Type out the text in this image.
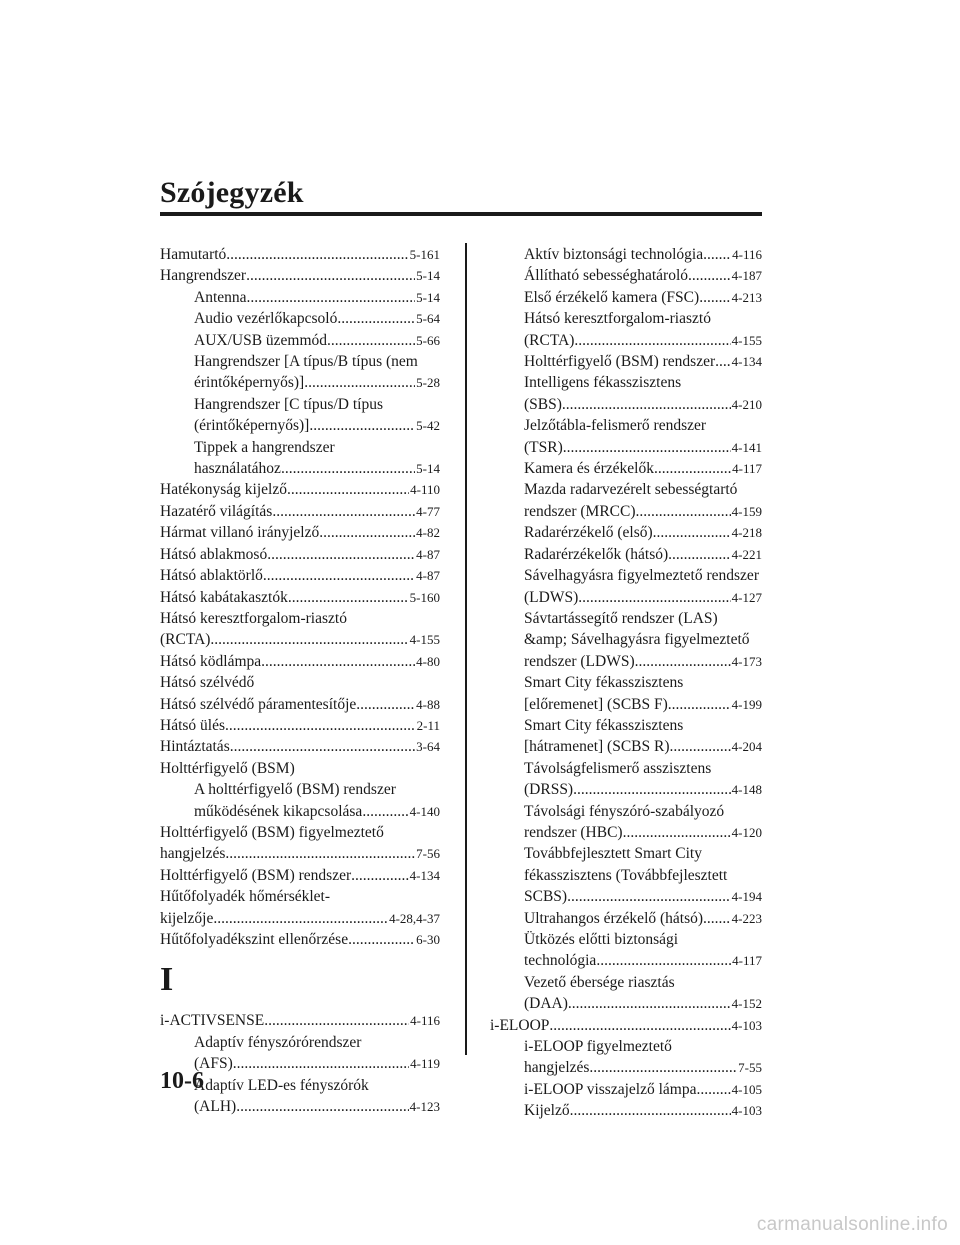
Szójegyzék
Hamutartó .....	5-161
Hangrendszer .....	5-14
Antenna .....	5-14
Audio vezérlőkapcsoló .....	5-64
AUX/USB üzemmód .....	5-66
Hangrendszer [A típus/B típus (nem
érintőképernyős)] .....	5-28
Hangrendszer [C típus/D típus
(érintőképernyős)] .....	5-42
Tippek a hangrendszer
használatához .....	5-14
Hatékonyság kijelző .....	4-110
Hazatérő világítás .....	4-77
Hármat villanó irányjelző .....	4-82
Hátsó ablakmosó .....	4-87
Hátsó ablaktörlő .....	4-87
Hátsó kabátakasztók .....	5-160
Hátsó keresztforgalom-riasztó
(RCTA) .....	4-155
Hátsó ködlámpa .....	4-80
Hátsó szélvédő
Hátsó szélvédő páramentesítője .....	4-88
Hátsó ülés .....	2-11
Hintáztatás .....	3-64
Holttérfigyelő (BSM)
A holttérfigyelő (BSM) rendszer
működésének kikapcsolása .....	4-140
Holttérfigyelő (BSM) figyelmeztető
hangjelzés .....	7-56
Holttérfigyelő (BSM) rendszer .....	4-134
Hűtőfolyadék hőmérséklet-
kijelzője .....	4-28,4-37
Hűtőfolyadékszint ellenőrzése .....	6-30
I
i-ACTIVSENSE .....	4-116
Adaptív fényszórórendszer
(AFS) .....	4-119
Adaptív LED-es fényszórók
(ALH) .....	4-123
Aktív biztonsági technológia ..... 4-116
Állítható sebességhatároló .....	4-187
Első érzékelő kamera (FSC) ..... 4-213
Hátsó keresztforgalom-riasztó
(RCTA) .....	4-155
Holttérfigyelő (BSM) rendszer ..... 4-134
Intelligens fékasszisztens
(SBS) .....	4-210
Jelzőtábla-felismerő rendszer
(TSR) .....	4-141
Kamera és érzékelők .....	4-117
Mazda radarvezérelt sebességtartó
rendszer (MRCC) .....	4-159
Radarérzékelő (első) .....	4-218
Radarérzékelők (hátsó) .....	4-221
Sávelhagyásra figyelmeztető rendszer
(LDWS) .....	4-127
Sávtartássegítő rendszer (LAS)
&amp; Sávelhagyásra figyelmeztető
rendszer (LDWS) .....	4-173
Smart City fékasszisztens
[előremenet] (SCBS F) .....	4-199
Smart City fékasszisztens
[hátramenet] (SCBS R) .....	4-204
Távolságfelismerő asszisztens
(DRSS) .....	4-148
Távolsági fényszóró-szabályozó
rendszer (HBC) .....	4-120
Továbbfejlesztett Smart City
fékasszisztens (Továbbfejlesztett
SCBS) .....	4-194
Ultrahangos érzékelő (hátsó) ..... 4-223
Ütközés előtti biztonsági
technológia .....	4-117
Vezető ébersége riasztás
(DAA) .....	4-152
i-ELOOP .....	4-103
i-ELOOP figyelmeztető
hangjelzés .....	7-55
i-ELOOP visszajelző lámpa .....	4-105
Kijelző .....	4-103
10-6
carmanualsonline.info
